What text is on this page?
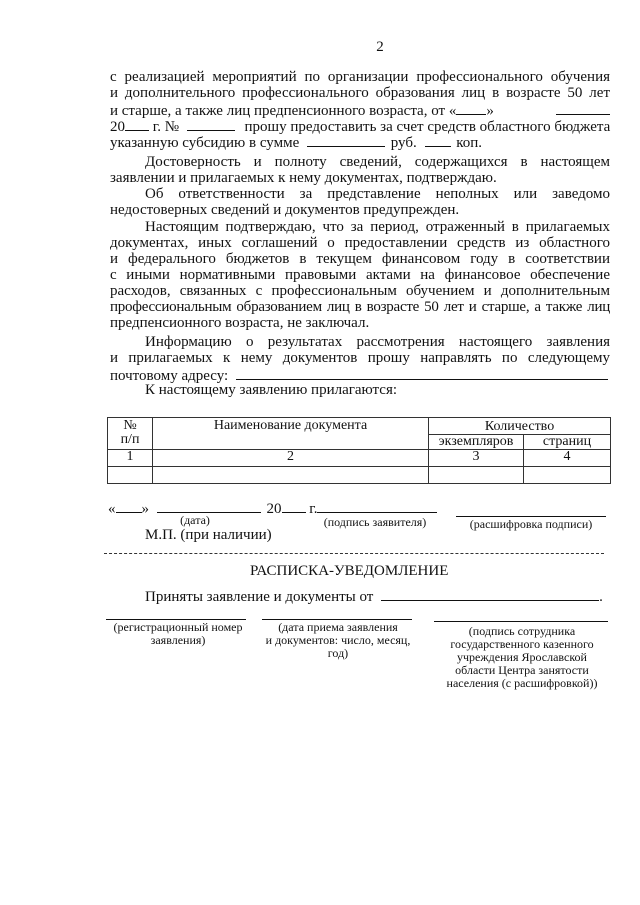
2
с реализацией мероприятий по организации профессионального обучения
и дополнительного профессионального образования лиц в возрасте 50 лет
и старше, а также лиц предпенсионного возраста, от « »
20 г. №	прошу предоставить за счет средств областного бюджета
указанную субсидию в сумме	руб.	коп.
Достоверность и полноту сведений, содержащихся в настоящем
заявлении и прилагаемых к нему документах, подтверждаю.
Об ответственности за представление неполных или заведомо
недостоверных сведений и документов предупрежден.
Настоящим подтверждаю, что за период, отраженный в прилагаемых
документах, иных соглашений о предоставлении средств из областного
и федерального бюджетов в текущем финансовом году в соответствии
с иными нормативными правовыми актами на финансовое обеспечение
расходов, связанных с профессиональным обучением и дополнительным
профессиональным образованием лиц в возрасте 50 лет и старше, а также лиц
предпенсионного возраста, не заключал.
Информацию о результатах рассмотрения настоящего заявления
и прилагаемых к нему документов прошу направлять по следующему
почтовому адресу:
К настоящему заявлению прилагаются:
№
п/п	Наименование документа	Количество	
		экземпляров	страниц
1	2	3	4

« »	20 г.
(дата)	(подпись заявителя)	(расшифровка подписи)
М.П. (при наличии)
РАСПИСКА-УВЕДОМЛЕНИЕ
Приняты заявление и документы от	.
(регистрационный номер
заявления)
(дата приема заявления
и документов: число, месяц,
год)
(подпись сотрудника
государственного казенного
учреждения Ярославской
области Центра занятости
населения (с расшифровкой))
